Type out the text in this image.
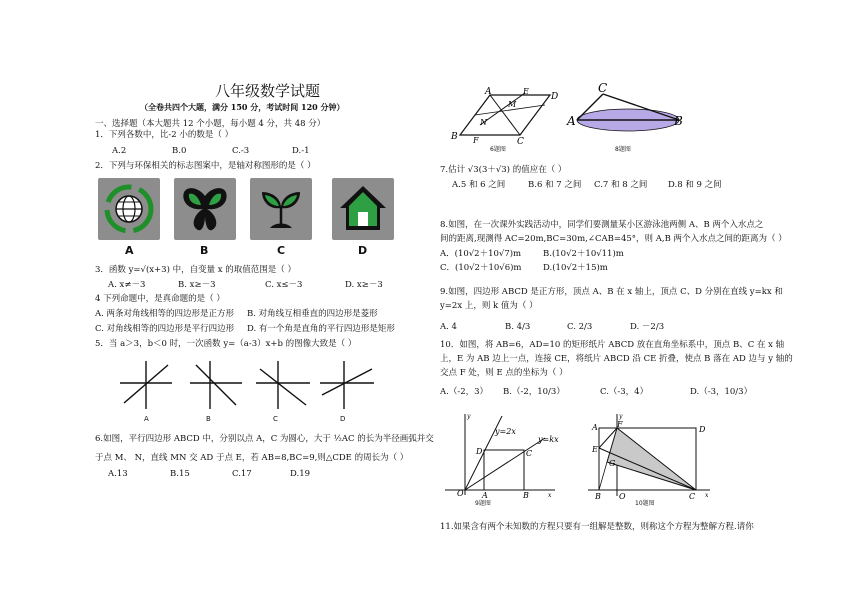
八年级数学试题
（全卷共四个大题，满分 150 分，考试时间 120 分钟）
一、选择题（本大题共 12 个小题，每小题 4 分，共 48 分）
1．下列各数中，比-2 小的数是（ ）
A.2	B.0	C.-3	D.-1
2．下列与环保相关的标志图案中，是轴对称图形的是（ ）
A	B	C	D
3．函数 y=√(x+3) 中，自变量 x 的取值范围是（ ）
A. x≠－3	B. x≥－3	C. x≤－3	D. x≥－3
4 下列命题中，是真命题的是（ ）
A. 两条对角线相等的四边形是正方形 B. 对角线互相垂直的四边形是菱形
C. 对角线相等的四边形是平行四边形 D. 有一个角是直角的平行四边形是矩形
5．当 a＞3，b＜0 时，一次函数 y=（a-3）x+b 的图像大致是（ ）
A	B	C	D
6.如图，平行四边形 ABCD 中，分别以点 A，C 为圆心，大于 ½AC 的长为半径画弧并交
于点 M、 N，直线 MN 交 AD 于点 E，若 AB=8,BC=9,则△CDE 的周长为（ ）
A.13	B.15	C.17	D.19
A	D
E
M
N
B F	C
6题图
C
A	B
8题图
7.估计 √3(3＋√3) 的值应在（ ）
A.5 和 6 之间	B.6 和 7 之间 C.7 和 8 之间 D.8 和 9 之间
8.如图，在一次课外实践活动中，同学们要测量某小区游泳池两侧 A、B 两个入水点之
间的距离,现测得 AC=20m,BC=30m,∠CAB=45°，则 A,B 两个入水点之间的距离为（ ）
A．(10√2＋10√7)m	B.(10√2＋10√11)m
C．(10√2＋10√6)m	D.(10√2＋15)m
9.如图，四边形 ABCD 是正方形，顶点 A、B 在 x 轴上，顶点 C、D 分别在直线 y=kx 和
y=2x 上，则 k 值为（ ）
A. 4	B. 4/3	C. 2/3	D. －2/3
10．如图，将 AB=6，AD=10 的矩形纸片 ABCD 放在直角坐标系中，顶点 B、C 在 x 轴
上，E 为 AB 边上一点，连接 CE，将纸片 ABCD 沿 CE 折叠，使点 B 落在 AD 边与 y 轴的
交点 F 处，则 E 点的坐标为（ ）
A.（-2，3） B.（-2，10/3）	C.（-3，4）	D.（-3，10/3）
y=2x
y=kx
D	C
O A	B	x
y
9题图
A F
D
E
G
B O	C x
y
10题图
11.如果含有两个未知数的方程只要有一组解是整数，则称这个方程为整解方程.请你
